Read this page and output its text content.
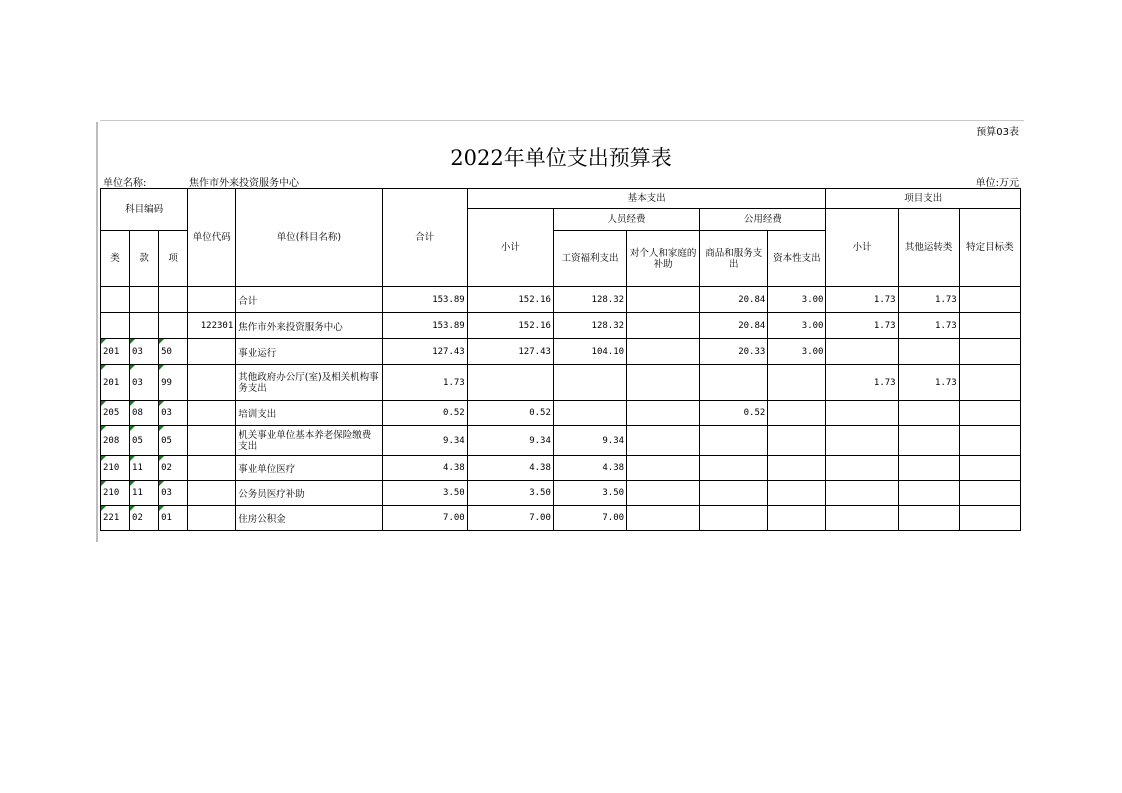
预算03表
2022年单位支出预算表
单位名称:	焦作市外来投资服务中心	单位:万元
科目编码			单位代码	单位(科目名称)	合计	基本支出					项目支出		
						小计	人员经费		公用经费		小计	其他运转类	特定目标类
类	款	项					工资福利支出	对个人和家庭的补助	商品和服务支出	资本性支出			
				合计	153.89	152.16	128.32		20.84	3.00	1.73	1.73	
			122301	焦作市外来投资服务中心	153.89	152.16	128.32		20.84	3.00	1.73	1.73	
201	03	50		事业运行	127.43	127.43	104.10		20.33	3.00			
201	03	99		其他政府办公厅(室)及相关机构事务支出	1.73						1.73	1.73	
205	08	03		培训支出	0.52	0.52			0.52				
208	05	05		机关事业单位基本养老保险缴费支出	9.34	9.34	9.34						
210	11	02		事业单位医疗	4.38	4.38	4.38						
210	11	03		公务员医疗补助	3.50	3.50	3.50						
221	02	01		住房公积金	7.00	7.00	7.00						
